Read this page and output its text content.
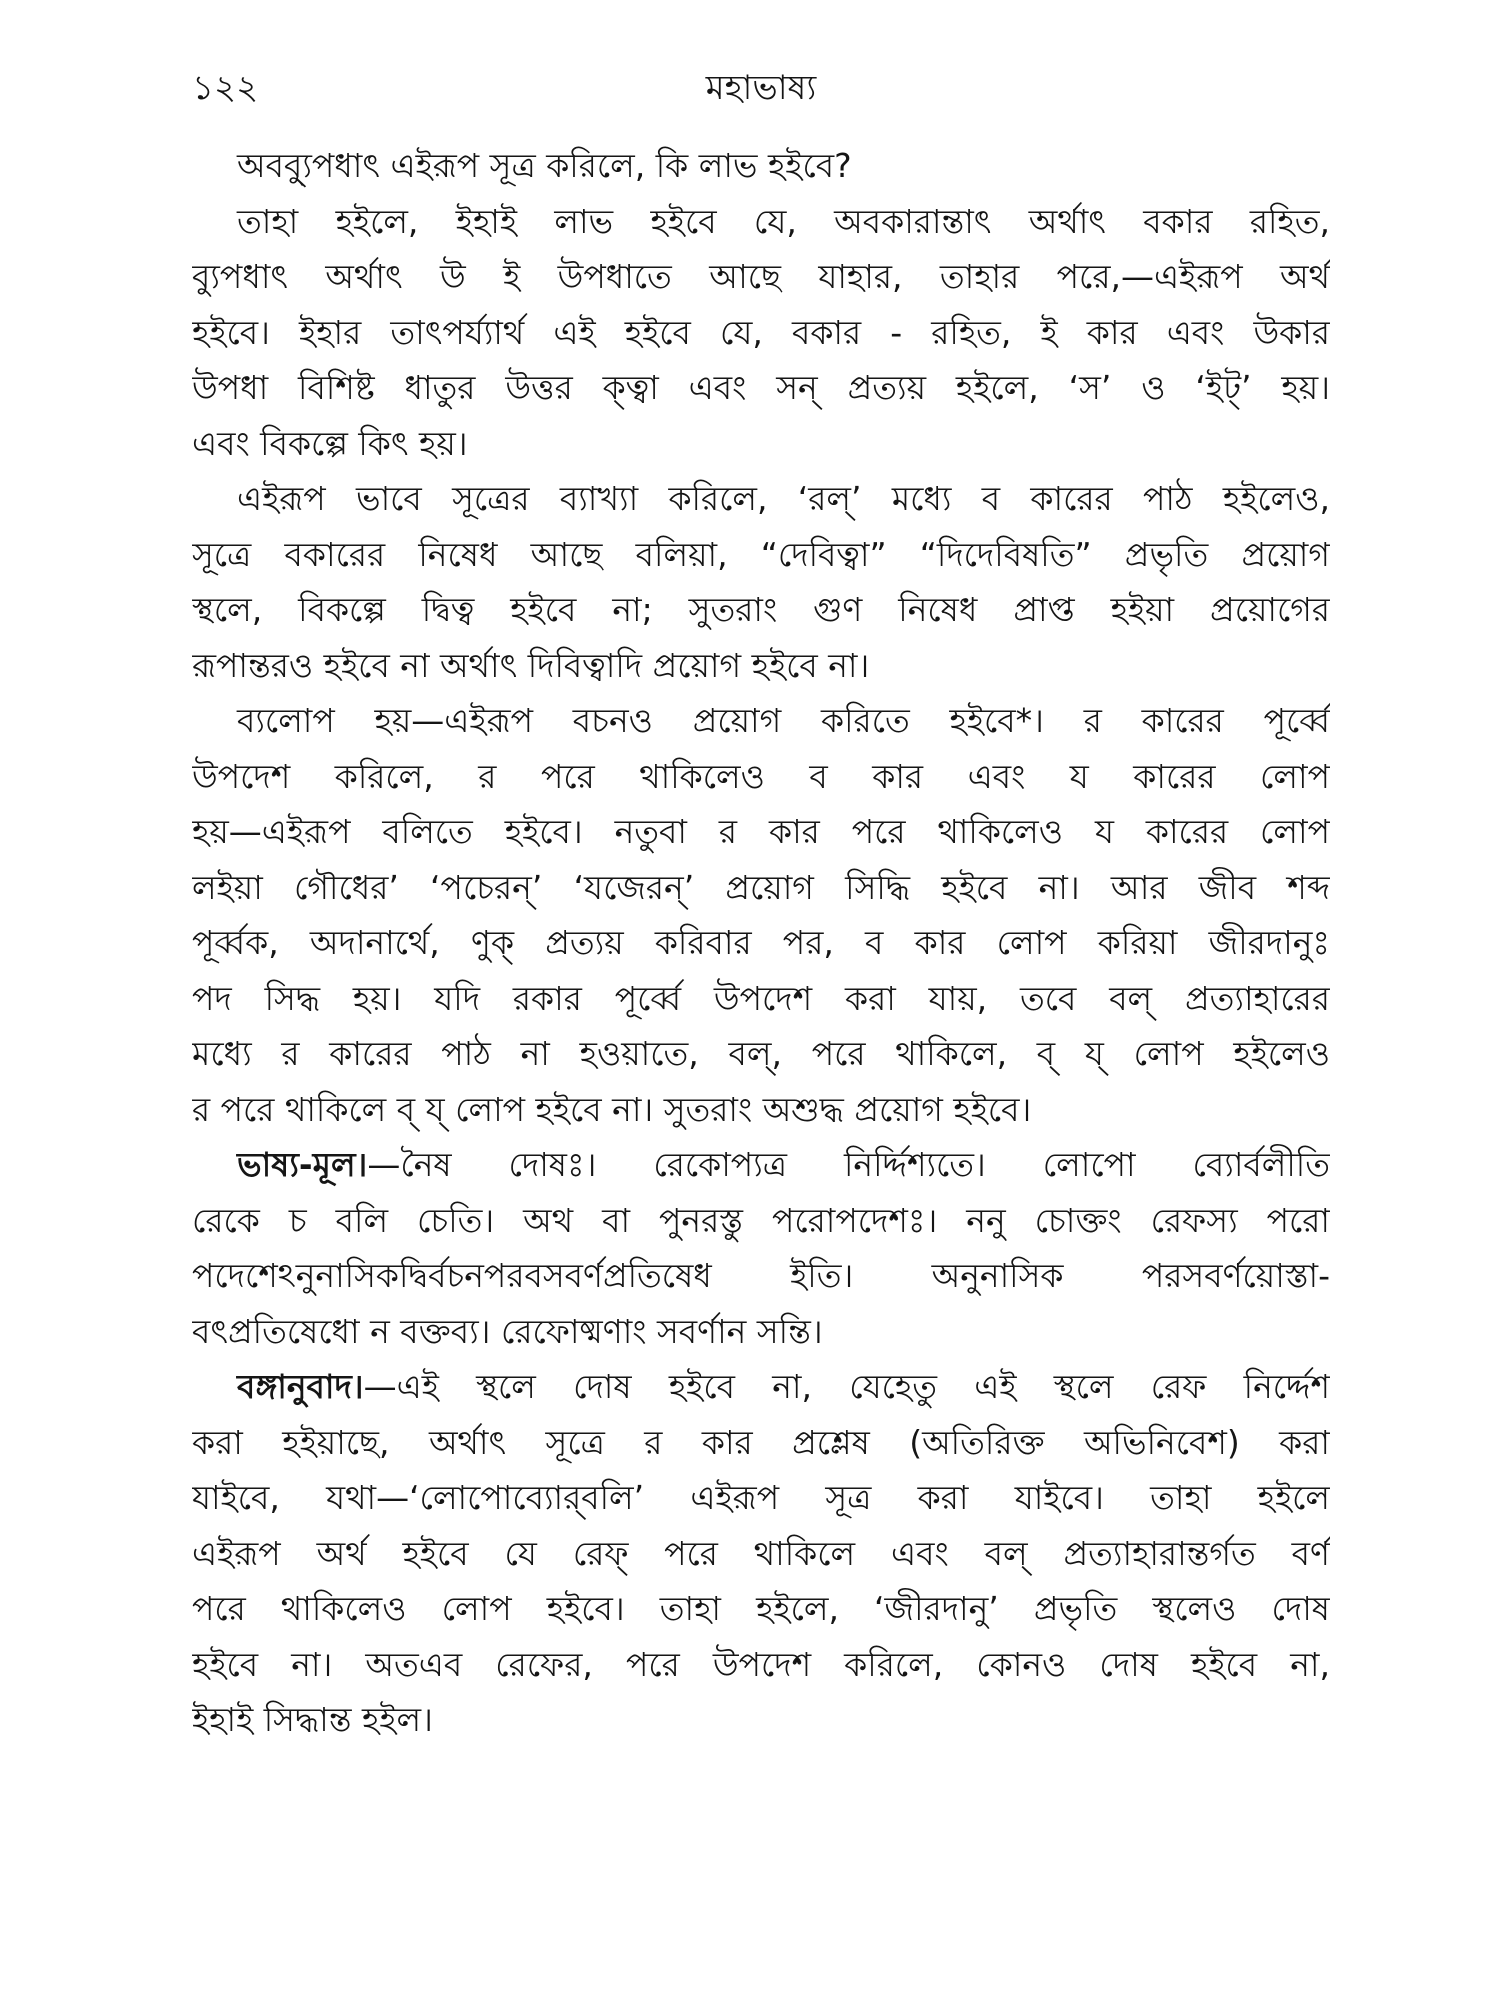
১২২	মহাভাষ্য
অব্ব্যুপধাৎ এইরূপ সূত্র করিলে, কি লাভ হইবে?
তাহা হইলে, ইহাই লাভ হইবে যে, অবকারান্তাৎ অর্থাৎ বকার রহিত,
ব্যুপধাৎ অর্থাৎ উ ই উপধাতে আছে যাহার, তাহার পরে,—এইরূপ অর্থ
হইবে। ইহার তাৎপর্য্যার্থ এই হইবে যে, বকার - রহিত, ই কার এবং উকার
উপধা বিশিষ্ট ধাতুর উত্তর ক্ত্বা এবং সন্ প্রত্যয় হইলে, ‘স’ ও ‘ইট্’ হয়।
এবং বিকল্পে কিৎ হয়।
এইরূপ ভাবে সূত্রের ব্যাখ্যা করিলে, ‘রল্’ মধ্যে ব কারের পাঠ হইলেও,
সূত্রে বকারের নিষেধ আছে বলিয়া, “দেবিত্বা” “দিদেবিষতি” প্রভৃতি প্রয়োগ
স্থলে, বিকল্পে দ্বিত্ব হইবে না; সুতরাং গুণ নিষেধ প্রাপ্ত হইয়া প্রয়োগের
রূপান্তরও হইবে না অর্থাৎ দিবিত্বাদি প্রয়োগ হইবে না।
ব্যলোপ হয়—এইরূপ বচনও প্রয়োগ করিতে হইবে*। র কারের পূর্ব্বে
উপদেশ করিলে, র পরে থাকিলেও ব কার এবং য কারের লোপ
হয়—এইরূপ বলিতে হইবে। নতুবা র কার পরে থাকিলেও য কারের লোপ
লইয়া গৌধের’ ‘পচেরন্’ ‘যজেরন্’ প্রয়োগ সিদ্ধি হইবে না। আর জীব শব্দ
পূর্ব্বক, অদানার্থে, ণুক্ প্রত্যয় করিবার পর, ব কার লোপ করিয়া জীরদানুঃ
পদ সিদ্ধ হয়। যদি রকার পূর্ব্বে উপদেশ করা যায়, তবে বল্ প্রত্যাহারের
মধ্যে র কারের পাঠ না হওয়াতে, বল্, পরে থাকিলে, ব্ য্ লোপ হইলেও
র পরে থাকিলে ব্ য্ লোপ হইবে না। সুতরাং অশুদ্ধ প্রয়োগ হইবে।
ভাষ্য-মূল।—নৈষ দোষঃ। রেকোপ্যত্র নির্দ্দিশ্যতে। লোপো ব্যোর্বলীতি
রেকে চ বলি চেতি। অথ বা পুনরস্তু পরোপদেশঃ। ননু চোক্তং রেফস্য পরো
পদেশেঽনুনাসিকদ্বির্বচনপরবসবর্ণপ্রতিষেধ ইতি। অনুনাসিক পরসবর্ণয়োস্তা-
বৎপ্রতিষেধো ন বক্তব্য। রেফোষ্মণাং সবর্ণান সন্তি।
বঙ্গানুবাদ।—এই স্থলে দোষ হইবে না, যেহেতু এই স্থলে রেফ নির্দ্দেশ
করা হইয়াছে, অর্থাৎ সূত্রে র কার প্রশ্লেষ (অতিরিক্ত অভিনিবেশ) করা
যাইবে, যথা—‘লোপোব্যোর্‌বলি’ এইরূপ সূত্র করা যাইবে। তাহা হইলে
এইরূপ অর্থ হইবে যে রেফ্ পরে থাকিলে এবং বল্ প্রত্যাহারান্তর্গত বর্ণ
পরে থাকিলেও লোপ হইবে। তাহা হইলে, ‘জীরদানু’ প্রভৃতি স্থলেও দোষ
হইবে না। অতএব রেফের, পরে উপদেশ করিলে, কোনও দোষ হইবে না,
ইহাই সিদ্ধান্ত হইল।
